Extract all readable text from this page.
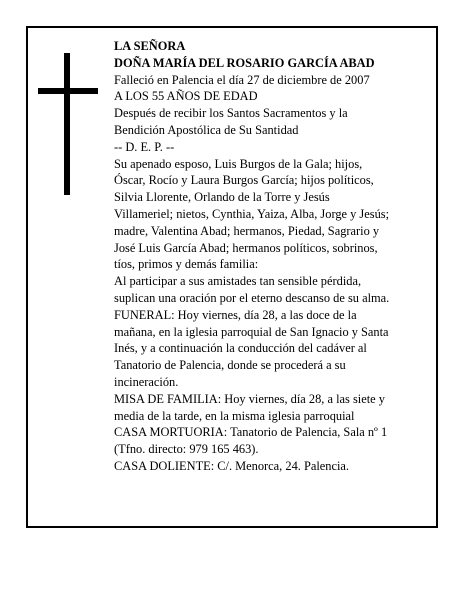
LA SEÑORA
DOÑA MARÍA DEL ROSARIO GARCÍA ABAD
Falleció en Palencia el día 27 de diciembre de 2007
A LOS 55 AÑOS DE EDAD
Después de recibir los Santos Sacramentos y la
Bendición Apostólica de Su Santidad
-- D. E. P. --
Su apenado esposo, Luis Burgos de la Gala; hijos,
Óscar, Rocío y Laura Burgos García; hijos políticos,
Silvia Llorente, Orlando de la Torre y Jesús
Villameriel; nietos, Cynthia, Yaiza, Alba, Jorge y Jesús;
madre, Valentina Abad; hermanos, Piedad, Sagrario y
José Luis García Abad; hermanos políticos, sobrinos,
tíos, primos y demás familia:
Al participar a sus amistades tan sensible pérdida,
suplican una oración por el eterno descanso de su alma.
FUNERAL: Hoy viernes, día 28, a las doce de la
mañana, en la iglesia parroquial de San Ignacio y Santa
Inés, y a continuación la conducción del cadáver al
Tanatorio de Palencia, donde se procederá a su
incineración.
MISA DE FAMILIA: Hoy viernes, día 28, a las siete y
media de la tarde, en la misma iglesia parroquial
CASA MORTUORIA: Tanatorio de Palencia, Sala nº 1
(Tfno. directo: 979 165 463).
CASA DOLIENTE: C/. Menorca, 24. Palencia.
